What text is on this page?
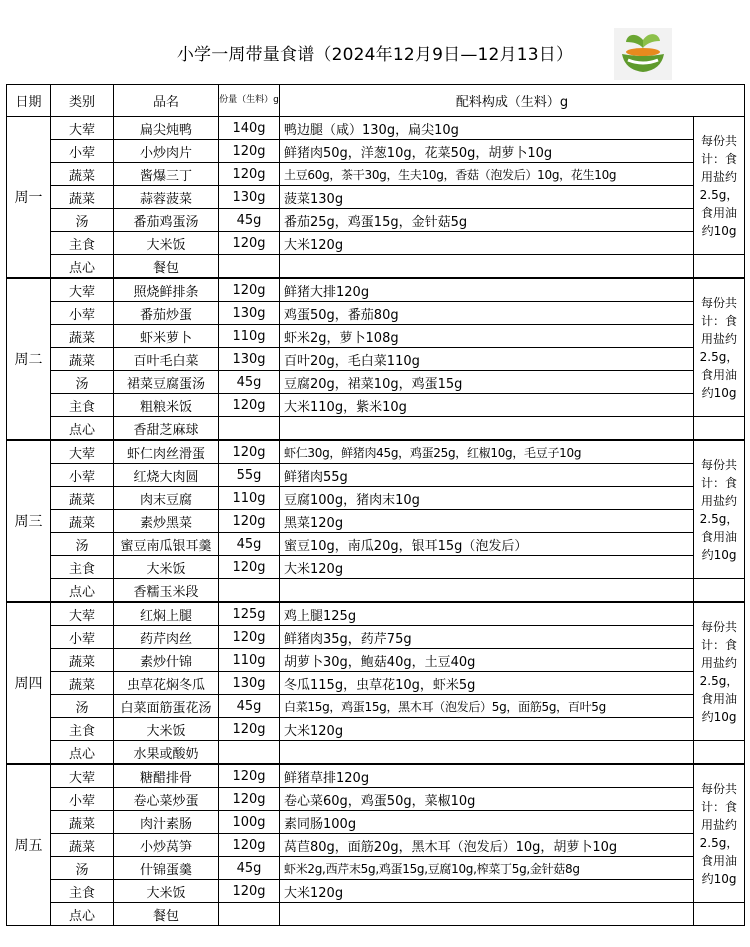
小学一周带量食谱（2024年12月9日—12月13日）
日期	类别	品名	份量（生料）g	配料构成（生料）g	
周一	大荤	扁尖炖鸭	140g	鸭边腿（咸）130g，扁尖10g	每份共计：食用盐约2.5g，食用油约10g
	小荤	小炒肉片	120g	鲜猪肉50g，洋葱10g，花菜50g，胡萝卜10g	
	蔬菜	酱爆三丁	120g	土豆60g，茶干30g，生夫10g，香菇（泡发后）10g，花生10g	
	蔬菜	蒜蓉菠菜	130g	菠菜130g	
	汤	番茄鸡蛋汤	45g	番茄25g，鸡蛋15g，金针菇5g	
	主食	大米饭	120g	大米120g	
	点心	餐包			
周二	大荤	照烧鲜排条	120g	鲜猪大排120g	每份共计：食用盐约2.5g，食用油约10g
	小荤	番茄炒蛋	130g	鸡蛋50g，番茄80g	
	蔬菜	虾米萝卜	110g	虾米2g，萝卜108g	
	蔬菜	百叶毛白菜	130g	百叶20g，毛白菜110g	
	汤	裙菜豆腐蛋汤	45g	豆腐20g，裙菜10g，鸡蛋15g	
	主食	粗粮米饭	120g	大米110g，紫米10g	
	点心	香甜芝麻球			
周三	大荤	虾仁肉丝滑蛋	120g	虾仁30g，鲜猪肉45g，鸡蛋25g，红椒10g，毛豆子10g	每份共计：食用盐约2.5g，食用油约10g
	小荤	红烧大肉圆	55g	鲜猪肉55g	
	蔬菜	肉末豆腐	110g	豆腐100g，猪肉末10g	
	蔬菜	素炒黑菜	120g	黑菜120g	
	汤	蜜豆南瓜银耳羹	45g	蜜豆10g，南瓜20g，银耳15g（泡发后）	
	主食	大米饭	120g	大米120g	
	点心	香糯玉米段			
周四	大荤	红焖上腿	125g	鸡上腿125g	每份共计：食用盐约2.5g，食用油约10g
	小荤	药芹肉丝	120g	鲜猪肉35g，药芹75g	
	蔬菜	素炒什锦	110g	胡萝卜30g，鲍菇40g，土豆40g	
	蔬菜	虫草花焖冬瓜	130g	冬瓜115g，虫草花10g，虾米5g	
	汤	白菜面筋蛋花汤	45g	白菜15g，鸡蛋15g，黑木耳（泡发后）5g，面筋5g，百叶5g	
	主食	大米饭	120g	大米120g	
	点心	水果或酸奶			
周五	大荤	糖醋排骨	120g	鲜猪草排120g	每份共计：食用盐约2.5g，食用油约10g
	小荤	卷心菜炒蛋	120g	卷心菜60g，鸡蛋50g，菜椒10g	
	蔬菜	肉汁素肠	100g	素同肠100g	
	蔬菜	小炒莴笋	120g	莴苣80g，面筋20g，黑木耳（泡发后）10g，胡萝卜10g	
	汤	什锦蛋羹	45g	虾米2g,西芹末5g,鸡蛋15g,豆腐10g,榨菜丁5g,金针菇8g	
	主食	大米饭	120g	大米120g	
	点心	餐包			
